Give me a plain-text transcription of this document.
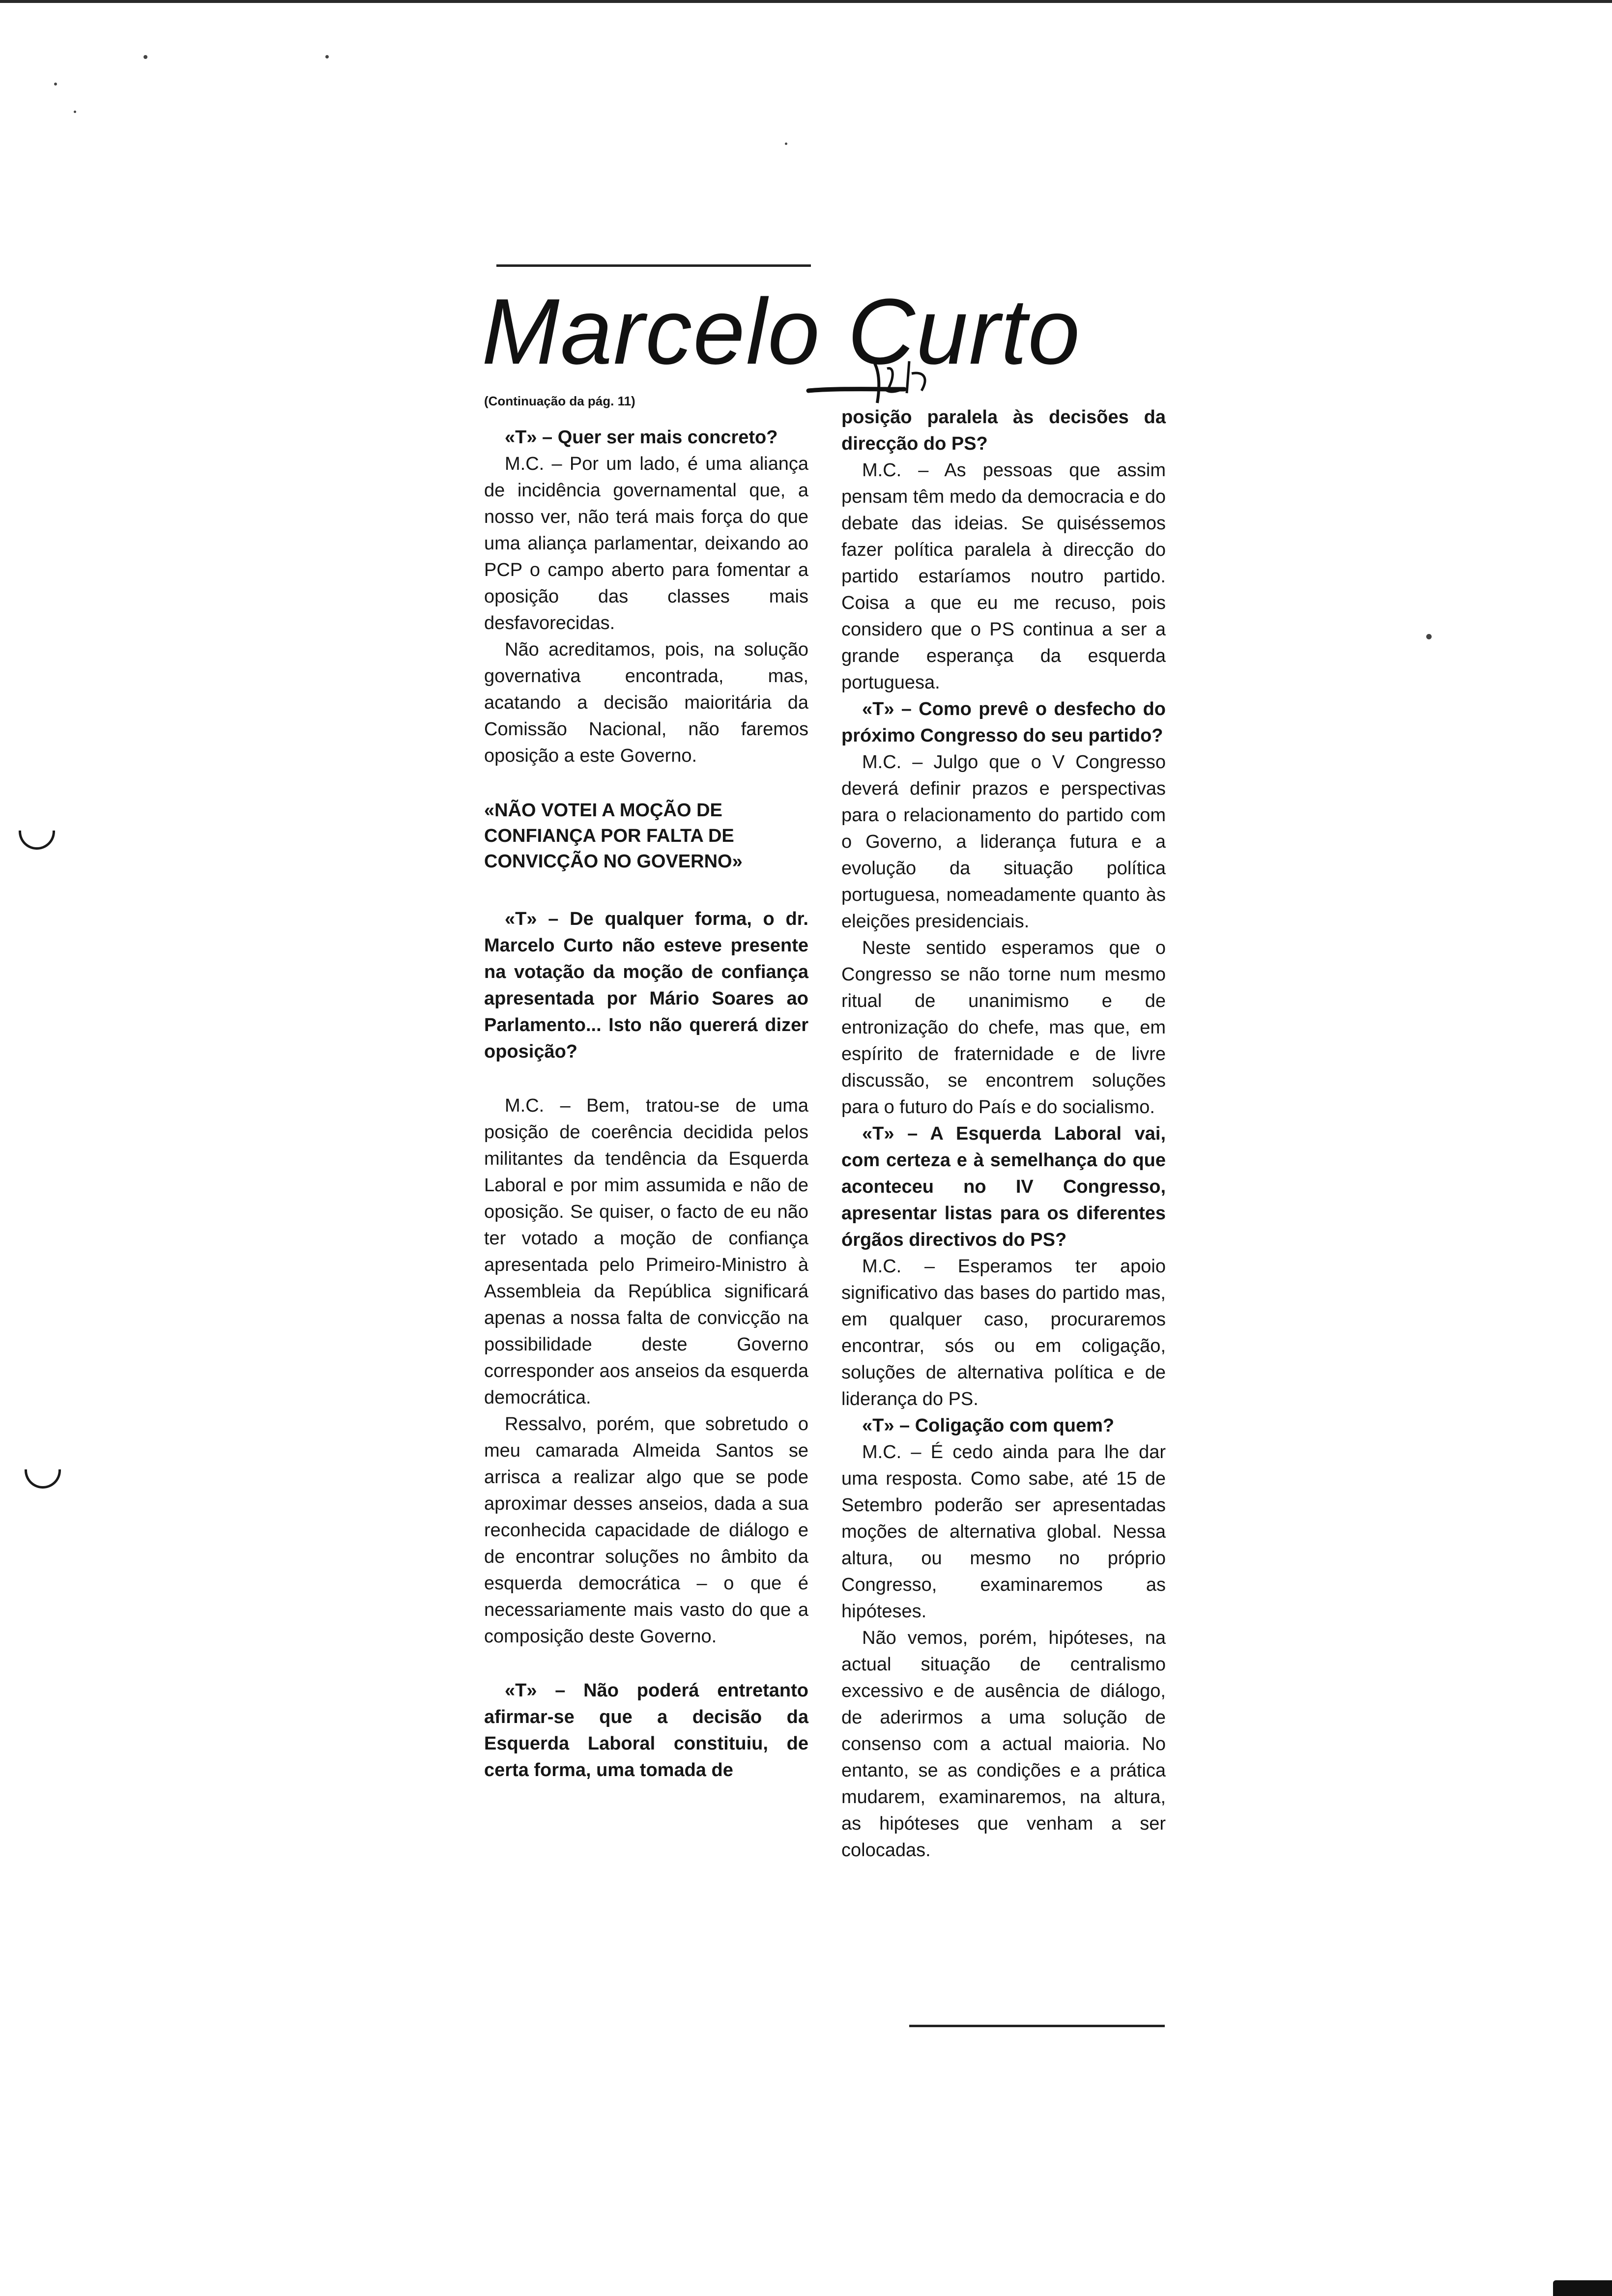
Marcelo Curto

(Continuação da pág. 11)

«T» – Quer ser mais concreto?

M.C. – Por um lado, é uma aliança de incidência governamental que, a nosso ver, não terá mais força do que uma aliança parlamentar, deixando ao PCP o campo aberto para fomentar a oposição das classes mais desfavorecidas.

Não acreditamos, pois, na solução governativa encontrada, mas, acatando a decisão maioritária da Comissão Nacional, não faremos oposição a este Governo.

«NÃO VOTEI A MOÇÃO DE CONFIANÇA POR FALTA DE CONVICÇÃO NO GOVERNO»

«T» – De qualquer forma, o dr. Marcelo Curto não esteve presente na votação da moção de confiança apresentada por Mário Soares ao Parlamento... Isto não quererá dizer oposição?

M.C. – Bem, tratou-se de uma posição de coerência decidida pelos militantes da tendência da Esquerda Laboral e por mim assumida e não de oposição. Se quiser, o facto de eu não ter votado a moção de confiança apresentada pelo Primeiro-Ministro à Assembleia da República significará apenas a nossa falta de convicção na possibilidade deste Governo corresponder aos anseios da esquerda democrática.

Ressalvo, porém, que sobretudo o meu camarada Almeida Santos se arrisca a realizar algo que se pode aproximar desses anseios, dada a sua reconhecida capacidade de diálogo e de encontrar soluções no âmbito da esquerda democrática – o que é necessariamente mais vasto do que a composição deste Governo.

«T» – Não poderá entretanto afirmar-se que a decisão da Esquerda Laboral constituiu, de certa forma, uma tomada de

posição paralela às decisões da direcção do PS?

M.C. – As pessoas que assim pensam têm medo da democracia e do debate das ideias. Se quiséssemos fazer política paralela à direcção do partido estaríamos noutro partido. Coisa a que eu me recuso, pois considero que o PS continua a ser a grande esperança da esquerda portuguesa.

«T» – Como prevê o desfecho do próximo Congresso do seu partido?

M.C. – Julgo que o V Congresso deverá definir prazos e perspectivas para o relacionamento do partido com o Governo, a liderança futura e a evolução da situação política portuguesa, nomeadamente quanto às eleições presidenciais.

Neste sentido esperamos que o Congresso se não torne num mesmo ritual de unanimismo e de entronização do chefe, mas que, em espírito de fraternidade e de livre discussão, se encontrem soluções para o futuro do País e do socialismo.

«T» – A Esquerda Laboral vai, com certeza e à semelhança do que aconteceu no IV Congresso, apresentar listas para os diferentes órgãos directivos do PS?

M.C. – Esperamos ter apoio significativo das bases do partido mas, em qualquer caso, procuraremos encontrar, sós ou em coligação, soluções de alternativa política e de liderança do PS.

«T» – Coligação com quem?

M.C. – É cedo ainda para lhe dar uma resposta. Como sabe, até 15 de Setembro poderão ser apresentadas moções de alternativa global. Nessa altura, ou mesmo no próprio Congresso, examinaremos as hipóteses.

Não vemos, porém, hipóteses, na actual situação de centralismo excessivo e de ausência de diálogo, de aderirmos a uma solução de consenso com a actual maioria. No entanto, se as condições e a prática mudarem, examinaremos, na altura, as hipóteses que venham a ser colocadas.
